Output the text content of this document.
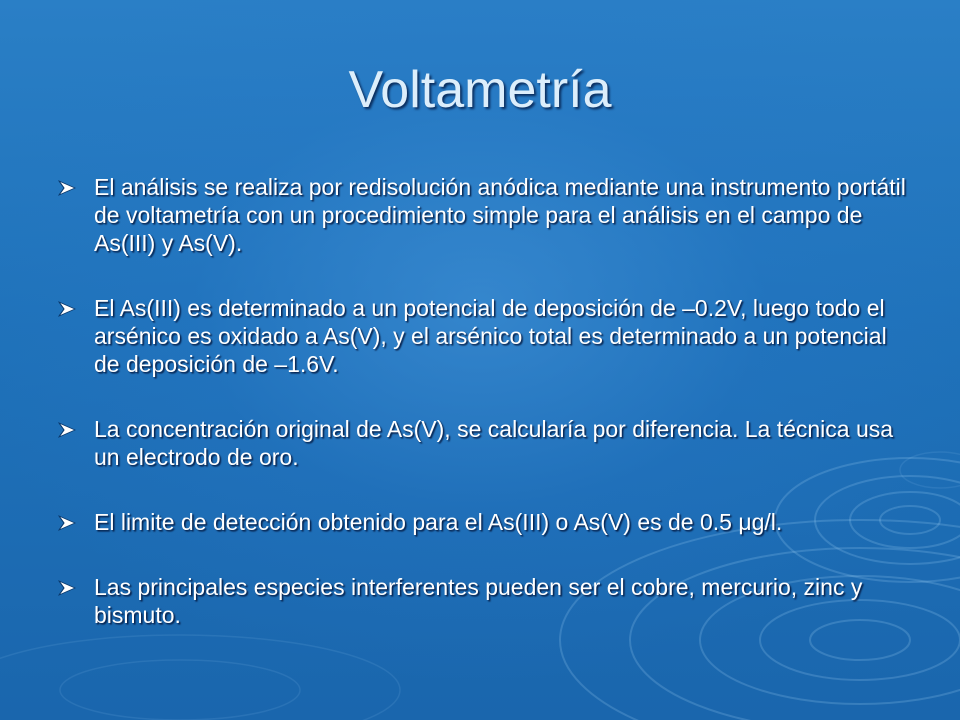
Voltametría
El análisis se realiza por redisolución anódica mediante una instrumento portátil de voltametría con un procedimiento simple para el análisis en el campo de As(III) y As(V).
El As(III) es determinado a un potencial de deposición de –0.2V, luego todo el arsénico es oxidado a As(V), y el arsénico total es determinado a un potencial de deposición de –1.6V.
La concentración original de As(V), se calcularía por diferencia. La técnica usa un electrodo de oro.
El limite de detección obtenido para el As(III) o As(V) es de 0.5 μg/l.
Las principales especies interferentes pueden ser el cobre, mercurio, zinc y bismuto.
